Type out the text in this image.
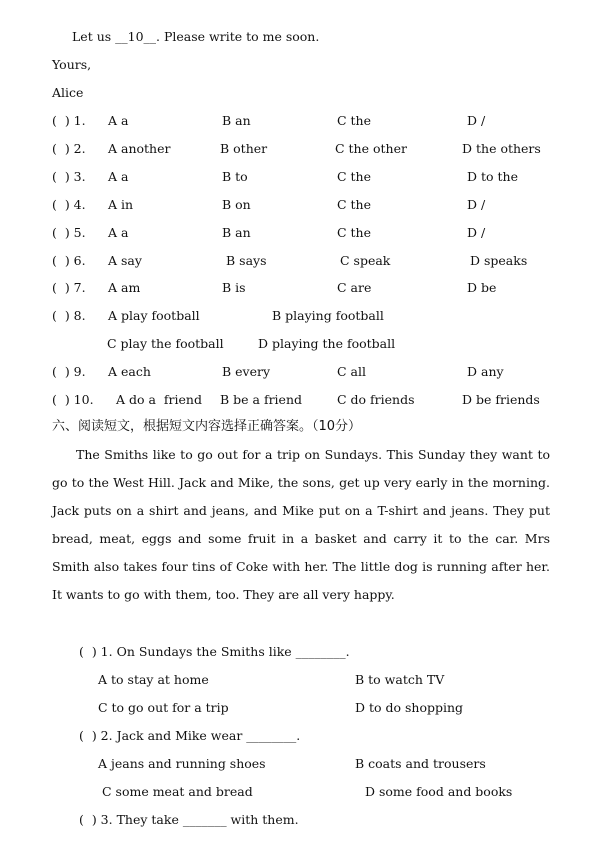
Let us __10__. Please write to me soon.
Yours,
Alice
(  ) 1. A a	B an	C the	D /
(  ) 2. A another	B other	C the other	D the others
(  ) 3. A a	B to	C the	D to the
(  ) 4. A in	B on	C the	D /
(  ) 5. A a	B an	C the	D /
(  ) 6. A say	B says	C speak	D speaks
(  ) 7. A am	B is	C are	D be
(  ) 8. A play football	B playing football
C play the football	D playing the football
(  ) 9. A each	B every	C all	D any
(  ) 10. A do a  friend B be a friend	C do friends	D be friends
六、阅读短文，根据短文内容选择正确答案。（10分）

The Smiths like to go out for a trip on Sundays. This Sunday they want to go to the West Hill. Jack and Mike, the sons, get up very early in the morning. Jack puts on a shirt and jeans, and Mike put on a T-shirt and jeans. They put bread, meat, eggs and some fruit in a basket and carry it to the car. Mrs Smith also takes four tins of Coke with her. The little dog is running after her. It wants to go with them, too. They are all very happy.

(  ) 1. On Sundays the Smiths like ________.
A to stay at home	B to watch TV
C to go out for a trip	D to do shopping
(  ) 2. Jack and Mike wear ________.
A jeans and running shoes	B coats and trousers
C some meat and bread	D some food and books
(  ) 3. They take _______ with them.
